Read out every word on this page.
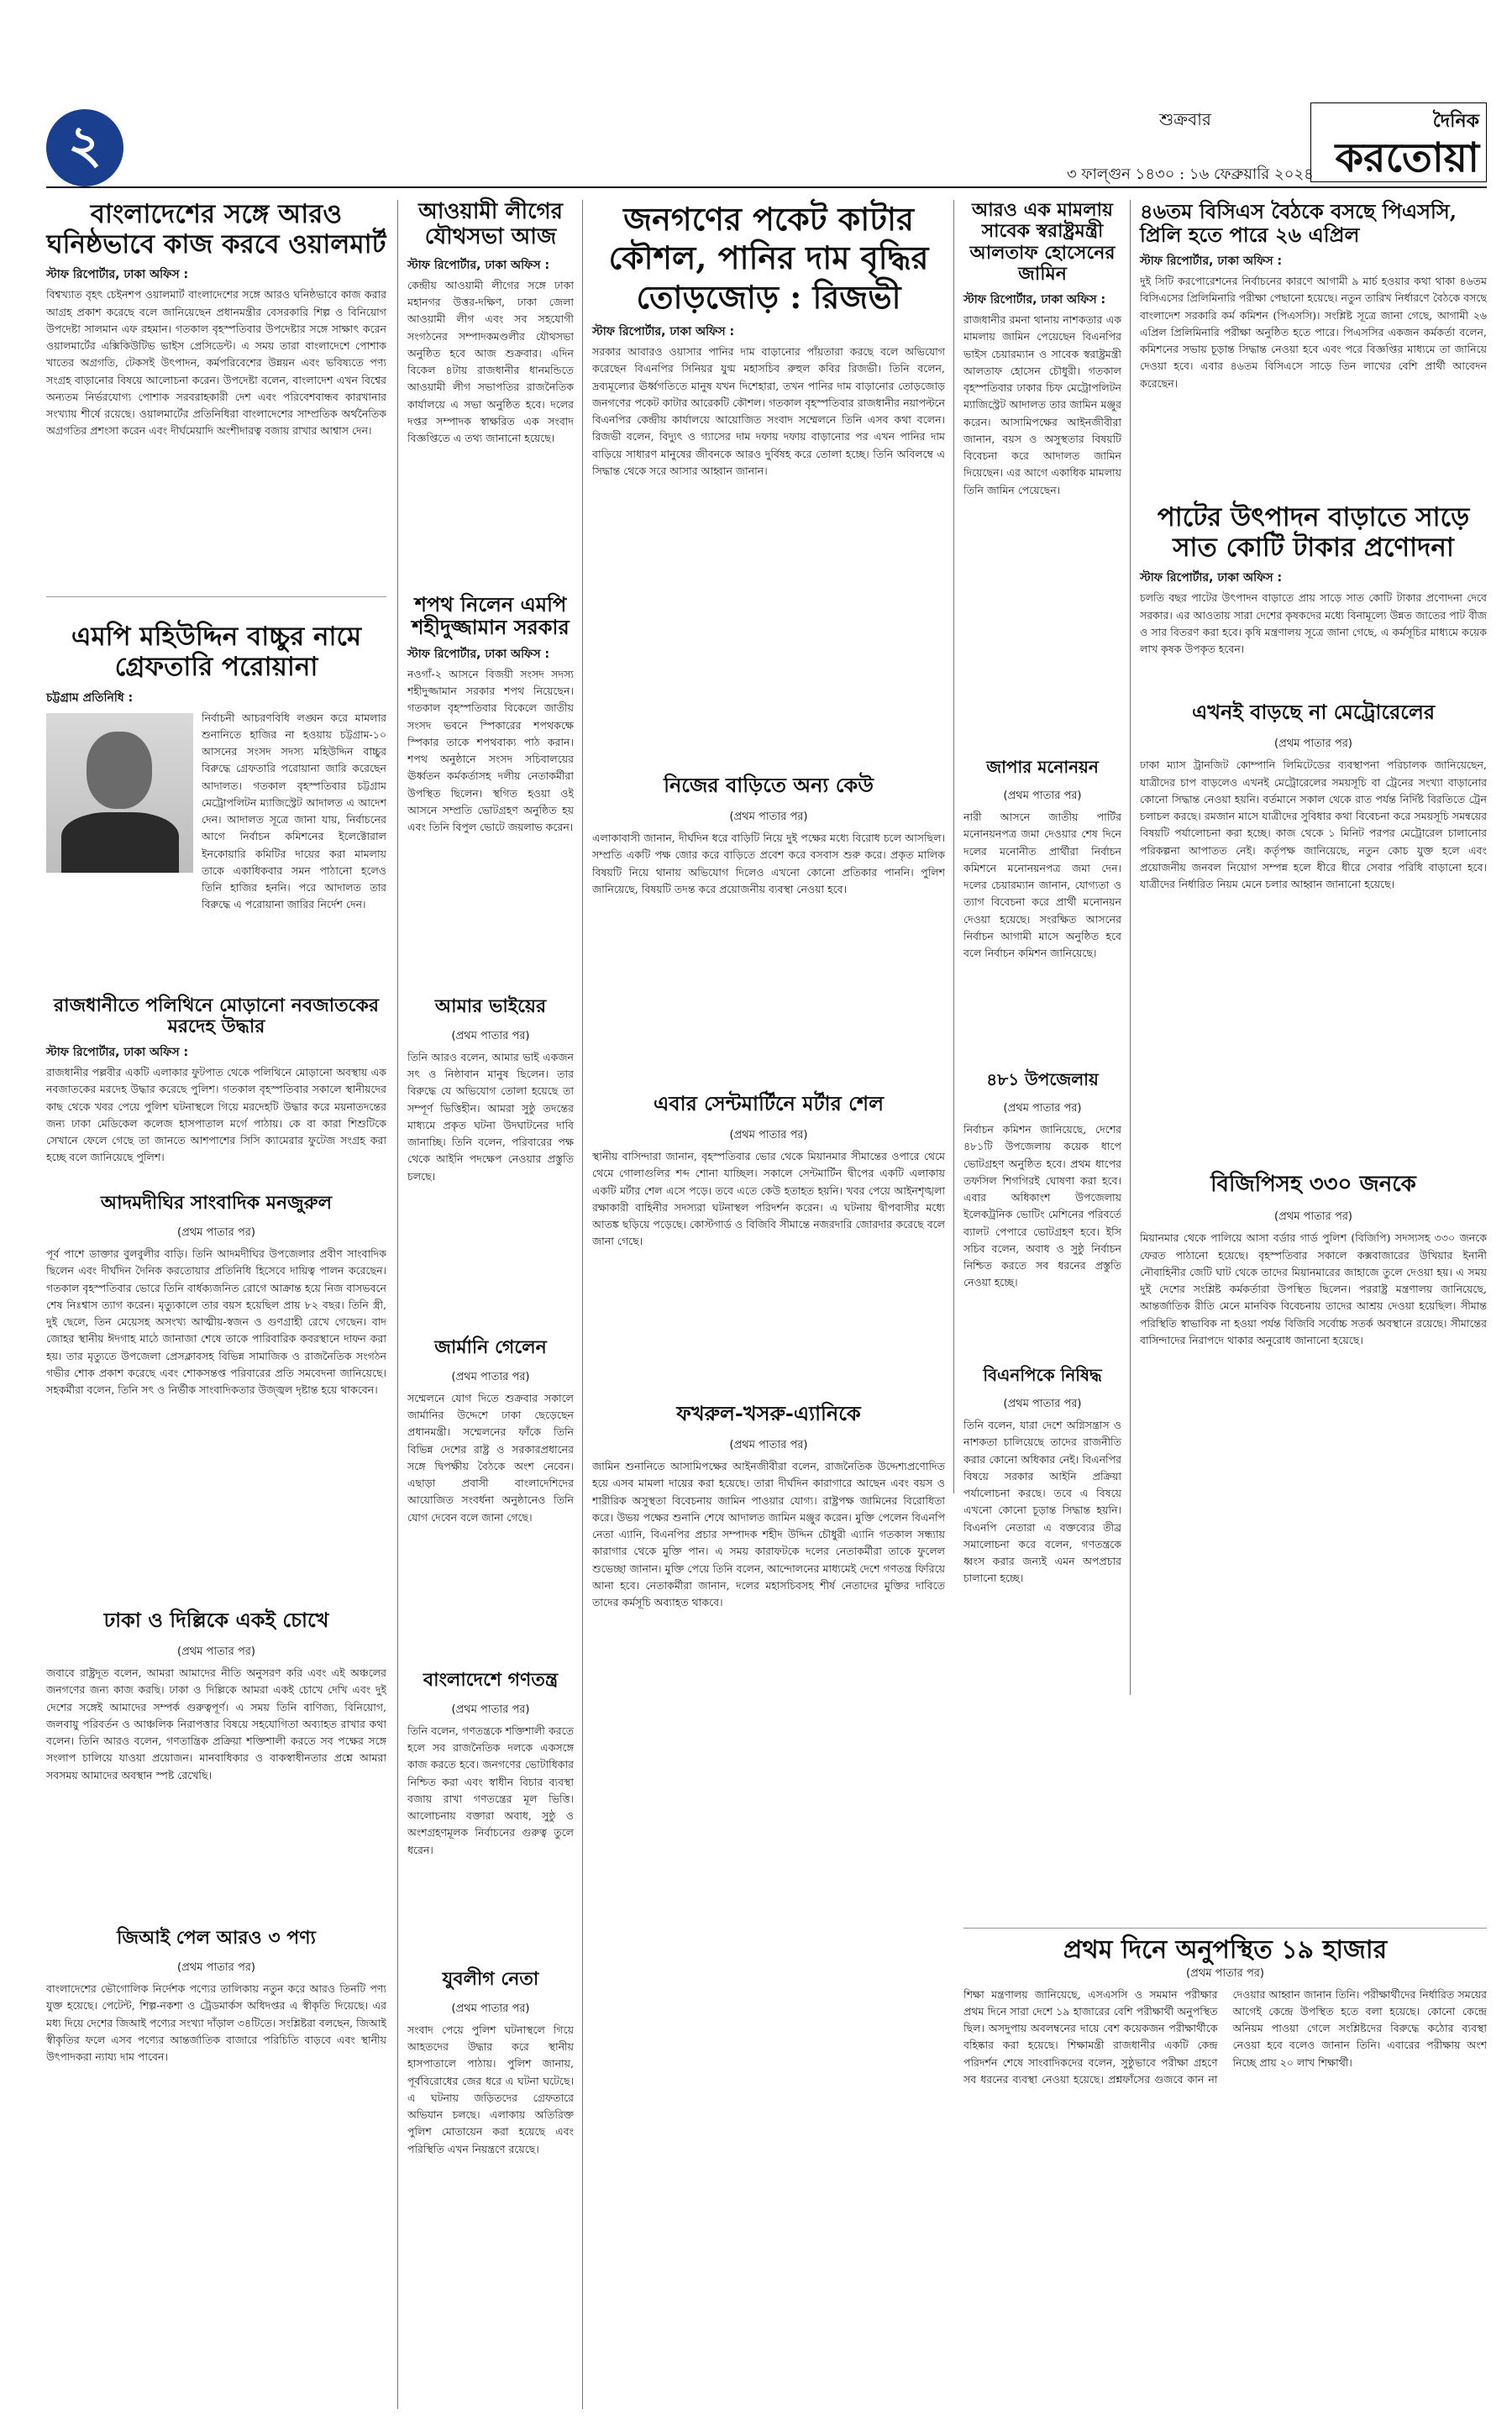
২	শুক্রবার
৩ ফাল্গুন ১৪৩০ : ১৬ ফেব্রুয়ারি ২০২৪
দৈনিক
করতোয়া
বাংলাদেশের সঙ্গে আরও ঘনিষ্ঠভাবে কাজ করবে ওয়ালমার্ট
স্টাফ রিপোর্টার, ঢাকা অফিস :

বিশ্বখ্যাত বৃহৎ চেইনশপ ওয়ালমার্ট বাংলাদেশের সঙ্গে আরও ঘনিষ্ঠভাবে কাজ করার আগ্রহ প্রকাশ করেছে বলে জানিয়েছেন প্রধানমন্ত্রীর বেসরকারি শিল্প ও বিনিয়োগ উপদেষ্টা সালমান এফ রহমান। গতকাল বৃহস্পতিবার উপদেষ্টার সঙ্গে সাক্ষাৎ করেন ওয়ালমার্টের এক্সিকিউটিভ ভাইস প্রেসিডেন্ট। এ সময় তারা বাংলাদেশে পোশাক খাতের অগ্রগতি, টেকসই উৎপাদন, কর্মপরিবেশের উন্নয়ন এবং ভবিষ্যতে পণ্য সংগ্রহ বাড়ানোর বিষয়ে আলোচনা করেন। উপদেষ্টা বলেন, বাংলাদেশ এখন বিশ্বের অন্যতম নির্ভরযোগ্য পোশাক সরবরাহকারী দেশ এবং পরিবেশবান্ধব কারখানার সংখ্যায় শীর্ষে রয়েছে। ওয়ালমার্টের প্রতিনিধিরা বাংলাদেশের সাম্প্রতিক অর্থনৈতিক অগ্রগতির প্রশংসা করেন এবং দীর্ঘমেয়াদি অংশীদারত্ব বজায় রাখার আশ্বাস দেন।

এমপি মহিউদ্দিন বাচ্চুর নামে গ্রেফতারি পরোয়ানা
চট্টগ্রাম প্রতিনিধি :

নির্বাচনী আচরণবিধি লঙ্ঘন করে মামলার শুনানিতে হাজির না হওয়ায় চট্টগ্রাম-১০ আসনের সংসদ সদস্য মহিউদ্দিন বাচ্চুর বিরুদ্ধে গ্রেফতারি পরোয়ানা জারি করেছেন আদালত। গতকাল বৃহস্পতিবার চট্টগ্রাম মেট্রোপলিটন ম্যাজিস্ট্রেট আদালত এ আদেশ দেন। আদালত সূত্রে জানা যায়, নির্বাচনের আগে নির্বাচন কমিশনের ইলেক্টোরাল ইনকোয়ারি কমিটির দায়ের করা মামলায় তাকে একাধিকবার সমন পাঠানো হলেও তিনি হাজির হননি। পরে আদালত তার বিরুদ্ধে এ পরোয়ানা জারির নির্দেশ দেন।

রাজধানীতে পলিথিনে মোড়ানো নবজাতকের মরদেহ উদ্ধার
স্টাফ রিপোর্টার, ঢাকা অফিস :

রাজধানীর পল্লবীর একটি এলাকার ফুটপাত থেকে পলিথিনে মোড়ানো অবস্থায় এক নবজাতকের মরদেহ উদ্ধার করেছে পুলিশ। গতকাল বৃহস্পতিবার সকালে স্থানীয়দের কাছ থেকে খবর পেয়ে পুলিশ ঘটনাস্থলে গিয়ে মরদেহটি উদ্ধার করে ময়নাতদন্তের জন্য ঢাকা মেডিকেল কলেজ হাসপাতাল মর্গে পাঠায়। কে বা কারা শিশুটিকে সেখানে ফেলে গেছে তা জানতে আশপাশের সিসি ক্যামেরার ফুটেজ সংগ্রহ করা হচ্ছে বলে জানিয়েছে পুলিশ।

আদমদীঘির সাংবাদিক মনজুরুল
(প্রথম পাতার পর)

পূর্ব পাশে ডাক্তার বুলবুলীর বাড়ি। তিনি আদমদীঘির উপজেলার প্রবীণ সাংবাদিক ছিলেন এবং দীর্ঘদিন দৈনিক করতোয়ার প্রতিনিধি হিসেবে দায়িত্ব পালন করেছেন। গতকাল বৃহস্পতিবার ভোরে তিনি বার্ধক্যজনিত রোগে আক্রান্ত হয়ে নিজ বাসভবনে শেষ নিঃশ্বাস ত্যাগ করেন। মৃত্যুকালে তার বয়স হয়েছিল প্রায় ৮২ বছর। তিনি স্ত্রী, দুই ছেলে, তিন মেয়েসহ অসংখ্য আত্মীয়-স্বজন ও গুণগ্রাহী রেখে গেছেন। বাদ জোহর স্থানীয় ঈদগাহ মাঠে জানাজা শেষে তাকে পারিবারিক কবরস্থানে দাফন করা হয়। তার মৃত্যুতে উপজেলা প্রেসক্লাবসহ বিভিন্ন সামাজিক ও রাজনৈতিক সংগঠন গভীর শোক প্রকাশ করেছে এবং শোকসন্তপ্ত পরিবারের প্রতি সমবেদনা জানিয়েছে। সহকর্মীরা বলেন, তিনি সৎ ও নির্ভীক সাংবাদিকতার উজ্জ্বল দৃষ্টান্ত হয়ে থাকবেন।

ঢাকা ও দিল্লিকে একই চোখে
(প্রথম পাতার পর)

জবাবে রাষ্ট্রদূত বলেন, আমরা আমাদের নীতি অনুসরণ করি এবং এই অঞ্চলের জনগণের জন্য কাজ করছি। ঢাকা ও দিল্লিকে আমরা একই চোখে দেখি এবং দুই দেশের সঙ্গেই আমাদের সম্পর্ক গুরুত্বপূর্ণ। এ সময় তিনি বাণিজ্য, বিনিয়োগ, জলবায়ু পরিবর্তন ও আঞ্চলিক নিরাপত্তার বিষয়ে সহযোগিতা অব্যাহত রাখার কথা বলেন। তিনি আরও বলেন, গণতান্ত্রিক প্রক্রিয়া শক্তিশালী করতে সব পক্ষের সঙ্গে সংলাপ চালিয়ে যাওয়া প্রয়োজন। মানবাধিকার ও বাকস্বাধীনতার প্রশ্নে আমরা সবসময় আমাদের অবস্থান স্পষ্ট রেখেছি।

জিআই পেল আরও ৩ পণ্য
(প্রথম পাতার পর)

বাংলাদেশের ভৌগোলিক নির্দেশক পণ্যের তালিকায় নতুন করে আরও তিনটি পণ্য যুক্ত হয়েছে। পেটেন্ট, শিল্প-নকশা ও ট্রেডমার্কস অধিদপ্তর এ স্বীকৃতি দিয়েছে। এর মধ্য দিয়ে দেশের জিআই পণ্যের সংখ্যা দাঁড়াল ৩৪টিতে। সংশ্লিষ্টরা বলছেন, জিআই স্বীকৃতির ফলে এসব পণ্যের আন্তর্জাতিক বাজারে পরিচিতি বাড়বে এবং স্থানীয় উৎপাদকরা ন্যায্য দাম পাবেন।

আওয়ামী লীগের যৌথসভা আজ
স্টাফ রিপোর্টার, ঢাকা অফিস :

কেন্দ্রীয় আওয়ামী লীগের সঙ্গে ঢাকা মহানগর উত্তর-দক্ষিণ, ঢাকা জেলা আওয়ামী লীগ এবং সব সহযোগী সংগঠনের সম্পাদকমণ্ডলীর যৌথসভা অনুষ্ঠিত হবে আজ শুক্রবার। এদিন বিকেল ৪টায় রাজধানীর ধানমন্ডিতে আওয়ামী লীগ সভাপতির রাজনৈতিক কার্যালয়ে এ সভা অনুষ্ঠিত হবে। দলের দপ্তর সম্পাদক স্বাক্ষরিত এক সংবাদ বিজ্ঞপ্তিতে এ তথ্য জানানো হয়েছে।

শপথ নিলেন এমপি শহীদুজ্জামান সরকার
স্টাফ রিপোর্টার, ঢাকা অফিস :

নওগাঁ-২ আসনে বিজয়ী সংসদ সদস্য শহীদুজ্জামান সরকার শপথ নিয়েছেন। গতকাল বৃহস্পতিবার বিকেলে জাতীয় সংসদ ভবনে স্পিকারের শপথকক্ষে স্পিকার তাকে শপথবাক্য পাঠ করান। শপথ অনুষ্ঠানে সংসদ সচিবালয়ের ঊর্ধ্বতন কর্মকর্তাসহ দলীয় নেতাকর্মীরা উপস্থিত ছিলেন। স্থগিত হওয়া ওই আসনে সম্প্রতি ভোটগ্রহণ অনুষ্ঠিত হয় এবং তিনি বিপুল ভোটে জয়লাভ করেন।

আমার ভাইয়ের
(প্রথম পাতার পর)

তিনি আরও বলেন, আমার ভাই একজন সৎ ও নিষ্ঠাবান মানুষ ছিলেন। তার বিরুদ্ধে যে অভিযোগ তোলা হয়েছে তা সম্পূর্ণ ভিত্তিহীন। আমরা সুষ্ঠু তদন্তের মাধ্যমে প্রকৃত ঘটনা উদঘাটনের দাবি জানাচ্ছি। তিনি বলেন, পরিবারের পক্ষ থেকে আইনি পদক্ষেপ নেওয়ার প্রস্তুতি চলছে।

জার্মানি গেলেন
(প্রথম পাতার পর)

সম্মেলনে যোগ দিতে শুক্রবার সকালে জার্মানির উদ্দেশে ঢাকা ছেড়েছেন প্রধানমন্ত্রী। সম্মেলনের ফাঁকে তিনি বিভিন্ন দেশের রাষ্ট্র ও সরকারপ্রধানের সঙ্গে দ্বিপক্ষীয় বৈঠকে অংশ নেবেন। এছাড়া প্রবাসী বাংলাদেশিদের আয়োজিত সংবর্ধনা অনুষ্ঠানেও তিনি যোগ দেবেন বলে জানা গেছে।

বাংলাদেশে গণতন্ত্র
(প্রথম পাতার পর)

তিনি বলেন, গণতন্ত্রকে শক্তিশালী করতে হলে সব রাজনৈতিক দলকে একসঙ্গে কাজ করতে হবে। জনগণের ভোটাধিকার নিশ্চিত করা এবং স্বাধীন বিচার ব্যবস্থা বজায় রাখা গণতন্ত্রের মূল ভিত্তি। আলোচনায় বক্তারা অবাধ, সুষ্ঠু ও অংশগ্রহণমূলক নির্বাচনের গুরুত্ব তুলে ধরেন।

যুবলীগ নেতা
(প্রথম পাতার পর)

সংবাদ পেয়ে পুলিশ ঘটনাস্থলে গিয়ে আহতদের উদ্ধার করে স্থানীয় হাসপাতালে পাঠায়। পুলিশ জানায়, পূর্ববিরোধের জের ধরে এ ঘটনা ঘটেছে। এ ঘটনায় জড়িতদের গ্রেফতারে অভিযান চলছে। এলাকায় অতিরিক্ত পুলিশ মোতায়েন করা হয়েছে এবং পরিস্থিতি এখন নিয়ন্ত্রণে রয়েছে।

জনগণের পকেট কাটার কৌশল, পানির দাম বৃদ্ধির তোড়জোড় : রিজভী
স্টাফ রিপোর্টার, ঢাকা অফিস :

সরকার আবারও ওয়াসার পানির দাম বাড়ানোর পাঁয়তারা করছে বলে অভিযোগ করেছেন বিএনপির সিনিয়র যুগ্ম মহাসচিব রুহুল কবির রিজভী। তিনি বলেন, দ্রব্যমূল্যের ঊর্ধ্বগতিতে মানুষ যখন দিশেহারা, তখন পানির দাম বাড়ানোর তোড়জোড় জনগণের পকেট কাটার আরেকটি কৌশল। গতকাল বৃহস্পতিবার রাজধানীর নয়াপল্টনে বিএনপির কেন্দ্রীয় কার্যালয়ে আয়োজিত সংবাদ সম্মেলনে তিনি এসব কথা বলেন। রিজভী বলেন, বিদ্যুৎ ও গ্যাসের দাম দফায় দফায় বাড়ানোর পর এখন পানির দাম বাড়িয়ে সাধারণ মানুষের জীবনকে আরও দুর্বিষহ করে তোলা হচ্ছে। তিনি অবিলম্বে এ সিদ্ধান্ত থেকে সরে আসার আহ্বান জানান।

নিজের বাড়িতে অন্য কেউ
(প্রথম পাতার পর)

এলাকাবাসী জানান, দীর্ঘদিন ধরে বাড়িটি নিয়ে দুই পক্ষের মধ্যে বিরোধ চলে আসছিল। সম্প্রতি একটি পক্ষ জোর করে বাড়িতে প্রবেশ করে বসবাস শুরু করে। প্রকৃত মালিক বিষয়টি নিয়ে থানায় অভিযোগ দিলেও এখনো কোনো প্রতিকার পাননি। পুলিশ জানিয়েছে, বিষয়টি তদন্ত করে প্রয়োজনীয় ব্যবস্থা নেওয়া হবে।

এবার সেন্টমার্টিনে মর্টার শেল
(প্রথম পাতার পর)

স্থানীয় বাসিন্দারা জানান, বৃহস্পতিবার ভোর থেকে মিয়ানমার সীমান্তের ওপারে থেমে থেমে গোলাগুলির শব্দ শোনা যাচ্ছিল। সকালে সেন্টমার্টিন দ্বীপের একটি এলাকায় একটি মর্টার শেল এসে পড়ে। তবে এতে কেউ হতাহত হয়নি। খবর পেয়ে আইনশৃঙ্খলা রক্ষাকারী বাহিনীর সদস্যরা ঘটনাস্থল পরিদর্শন করেন। এ ঘটনায় দ্বীপবাসীর মধ্যে আতঙ্ক ছড়িয়ে পড়েছে। কোস্টগার্ড ও বিজিবি সীমান্তে নজরদারি জোরদার করেছে বলে জানা গেছে।

ফখরুল-খসরু-এ্যানিকে
(প্রথম পাতার পর)

জামিন শুনানিতে আসামিপক্ষের আইনজীবীরা বলেন, রাজনৈতিক উদ্দেশ্যপ্রণোদিত হয়ে এসব মামলা দায়ের করা হয়েছে। তারা দীর্ঘদিন কারাগারে আছেন এবং বয়স ও শারীরিক অসুস্থতা বিবেচনায় জামিন পাওয়ার যোগ্য। রাষ্ট্রপক্ষ জামিনের বিরোধিতা করে। উভয় পক্ষের শুনানি শেষে আদালত জামিন মঞ্জুর করেন। মুক্তি পেলেন বিএনপি নেতা এ্যানি, বিএনপির প্রচার সম্পাদক শহীদ উদ্দিন চৌধুরী এ্যানি গতকাল সন্ধ্যায় কারাগার থেকে মুক্তি পান। এ সময় কারাফটকে দলের নেতাকর্মীরা তাকে ফুলেল শুভেচ্ছা জানান। মুক্তি পেয়ে তিনি বলেন, আন্দোলনের মাধ্যমেই দেশে গণতন্ত্র ফিরিয়ে আনা হবে। নেতাকর্মীরা জানান, দলের মহাসচিবসহ শীর্ষ নেতাদের মুক্তির দাবিতে তাদের কর্মসূচি অব্যাহত থাকবে।

আরও এক মামলায় সাবেক স্বরাষ্ট্রমন্ত্রী আলতাফ হোসেনের জামিন
স্টাফ রিপোর্টার, ঢাকা অফিস :

রাজধানীর রমনা থানায় নাশকতার এক মামলায় জামিন পেয়েছেন বিএনপির ভাইস চেয়ারম্যান ও সাবেক স্বরাষ্ট্রমন্ত্রী আলতাফ হোসেন চৌধুরী। গতকাল বৃহস্পতিবার ঢাকার চিফ মেট্রোপলিটন ম্যাজিস্ট্রেট আদালত তার জামিন মঞ্জুর করেন। আসামিপক্ষের আইনজীবীরা জানান, বয়স ও অসুস্থতার বিষয়টি বিবেচনা করে আদালত জামিন দিয়েছেন। এর আগে একাধিক মামলায় তিনি জামিন পেয়েছেন।

জাপার মনোনয়ন
(প্রথম পাতার পর)

নারী আসনে জাতীয় পার্টির মনোনয়নপত্র জমা দেওয়ার শেষ দিনে দলের মনোনীত প্রার্থীরা নির্বাচন কমিশনে মনোনয়নপত্র জমা দেন। দলের চেয়ারম্যান জানান, যোগ্যতা ও ত্যাগ বিবেচনা করে প্রার্থী মনোনয়ন দেওয়া হয়েছে। সংরক্ষিত আসনের নির্বাচন আগামী মাসে অনুষ্ঠিত হবে বলে নির্বাচন কমিশন জানিয়েছে।

৪৮১ উপজেলায়
(প্রথম পাতার পর)

নির্বাচন কমিশন জানিয়েছে, দেশের ৪৮১টি উপজেলায় কয়েক ধাপে ভোটগ্রহণ অনুষ্ঠিত হবে। প্রথম ধাপের তফসিল শিগগিরই ঘোষণা করা হবে। এবার অধিকাংশ উপজেলায় ইলেকট্রনিক ভোটিং মেশিনের পরিবর্তে ব্যালট পেপারে ভোটগ্রহণ হবে। ইসি সচিব বলেন, অবাধ ও সুষ্ঠু নির্বাচন নিশ্চিত করতে সব ধরনের প্রস্তুতি নেওয়া হচ্ছে।

বিএনপিকে নিষিদ্ধ
(প্রথম পাতার পর)

তিনি বলেন, যারা দেশে অগ্নিসন্ত্রাস ও নাশকতা চালিয়েছে তাদের রাজনীতি করার কোনো অধিকার নেই। বিএনপির বিষয়ে সরকার আইনি প্রক্রিয়া পর্যালোচনা করছে। তবে এ বিষয়ে এখনো কোনো চূড়ান্ত সিদ্ধান্ত হয়নি। বিএনপি নেতারা এ বক্তব্যের তীব্র সমালোচনা করে বলেন, গণতন্ত্রকে ধ্বংস করার জন্যই এমন অপপ্রচার চালানো হচ্ছে।

৪৬তম বিসিএস বৈঠকে বসছে পিএসসি, প্রিলি হতে পারে ২৬ এপ্রিল
স্টাফ রিপোর্টার, ঢাকা অফিস :

দুই সিটি করপোরেশনের নির্বাচনের কারণে আগামী ৯ মার্চ হওয়ার কথা থাকা ৪৬তম বিসিএসের প্রিলিমিনারি পরীক্ষা পেছানো হয়েছে। নতুন তারিখ নির্ধারণে বৈঠকে বসছে বাংলাদেশ সরকারি কর্ম কমিশন (পিএসসি)। সংশ্লিষ্ট সূত্রে জানা গেছে, আগামী ২৬ এপ্রিল প্রিলিমিনারি পরীক্ষা অনুষ্ঠিত হতে পারে। পিএসসির একজন কর্মকর্তা বলেন, কমিশনের সভায় চূড়ান্ত সিদ্ধান্ত নেওয়া হবে এবং পরে বিজ্ঞপ্তির মাধ্যমে তা জানিয়ে দেওয়া হবে। এবার ৪৬তম বিসিএসে সাড়ে তিন লাখের বেশি প্রার্থী আবেদন করেছেন।

পাটের উৎপাদন বাড়াতে সাড়ে সাত কোটি টাকার প্রণোদনা
স্টাফ রিপোর্টার, ঢাকা অফিস :

চলতি বছর পাটের উৎপাদন বাড়াতে প্রায় সাড়ে সাত কোটি টাকার প্রণোদনা দেবে সরকার। এর আওতায় সারা দেশের কৃষকদের মধ্যে বিনামূল্যে উন্নত জাতের পাট বীজ ও সার বিতরণ করা হবে। কৃষি মন্ত্রণালয় সূত্রে জানা গেছে, এ কর্মসূচির মাধ্যমে কয়েক লাখ কৃষক উপকৃত হবেন।

এখনই বাড়ছে না মেট্রোরেলের
(প্রথম পাতার পর)

ঢাকা ম্যাস ট্রানজিট কোম্পানি লিমিটেডের ব্যবস্থাপনা পরিচালক জানিয়েছেন, যাত্রীদের চাপ বাড়লেও এখনই মেট্রোরেলের সময়সূচি বা ট্রেনের সংখ্যা বাড়ানোর কোনো সিদ্ধান্ত নেওয়া হয়নি। বর্তমানে সকাল থেকে রাত পর্যন্ত নির্দিষ্ট বিরতিতে ট্রেন চলাচল করছে। রমজান মাসে যাত্রীদের সুবিধার কথা বিবেচনা করে সময়সূচি সমন্বয়ের বিষয়টি পর্যালোচনা করা হচ্ছে। কাজ থেকে ১ মিনিট পরপর মেট্রোরেল চালানোর পরিকল্পনা আপাতত নেই। কর্তৃপক্ষ জানিয়েছে, নতুন কোচ যুক্ত হলে এবং প্রয়োজনীয় জনবল নিয়োগ সম্পন্ন হলে ধীরে ধীরে সেবার পরিধি বাড়ানো হবে। যাত্রীদের নির্ধারিত নিয়ম মেনে চলার আহ্বান জানানো হয়েছে।

বিজিপিসহ ৩৩০ জনকে
(প্রথম পাতার পর)

মিয়ানমার থেকে পালিয়ে আসা বর্ডার গার্ড পুলিশ (বিজিপি) সদস্যসহ ৩৩০ জনকে ফেরত পাঠানো হয়েছে। বৃহস্পতিবার সকালে কক্সবাজারের উখিয়ার ইনানী নৌবাহিনীর জেটি ঘাট থেকে তাদের মিয়ানমারের জাহাজে তুলে দেওয়া হয়। এ সময় দুই দেশের সংশ্লিষ্ট কর্মকর্তারা উপস্থিত ছিলেন। পররাষ্ট্র মন্ত্রণালয় জানিয়েছে, আন্তর্জাতিক রীতি মেনে মানবিক বিবেচনায় তাদের আশ্রয় দেওয়া হয়েছিল। সীমান্ত পরিস্থিতি স্বাভাবিক না হওয়া পর্যন্ত বিজিবি সর্বোচ্চ সতর্ক অবস্থানে রয়েছে। সীমান্তের বাসিন্দাদের নিরাপদে থাকার অনুরোধ জানানো হয়েছে।

প্রথম দিনে অনুপস্থিত ১৯ হাজার
(প্রথম পাতার পর)

শিক্ষা মন্ত্রণালয় জানিয়েছে, এসএসসি ও সমমান পরীক্ষার প্রথম দিনে সারা দেশে ১৯ হাজারের বেশি পরীক্ষার্থী অনুপস্থিত ছিল। অসদুপায় অবলম্বনের দায়ে বেশ কয়েকজন পরীক্ষার্থীকে বহিষ্কার করা হয়েছে। শিক্ষামন্ত্রী রাজধানীর একটি কেন্দ্র পরিদর্শন শেষে সাংবাদিকদের বলেন, সুষ্ঠুভাবে পরীক্ষা গ্রহণে সব ধরনের ব্যবস্থা নেওয়া হয়েছে। প্রশ্নফাঁসের গুজবে কান না দেওয়ার আহ্বান জানান তিনি। পরীক্ষার্থীদের নির্ধারিত সময়ের আগেই কেন্দ্রে উপস্থিত হতে বলা হয়েছে। কোনো কেন্দ্রে অনিয়ম পাওয়া গেলে সংশ্লিষ্টদের বিরুদ্ধে কঠোর ব্যবস্থা নেওয়া হবে বলেও জানান তিনি। এবারের পরীক্ষায় অংশ নিচ্ছে প্রায় ২০ লাখ শিক্ষার্থী।
